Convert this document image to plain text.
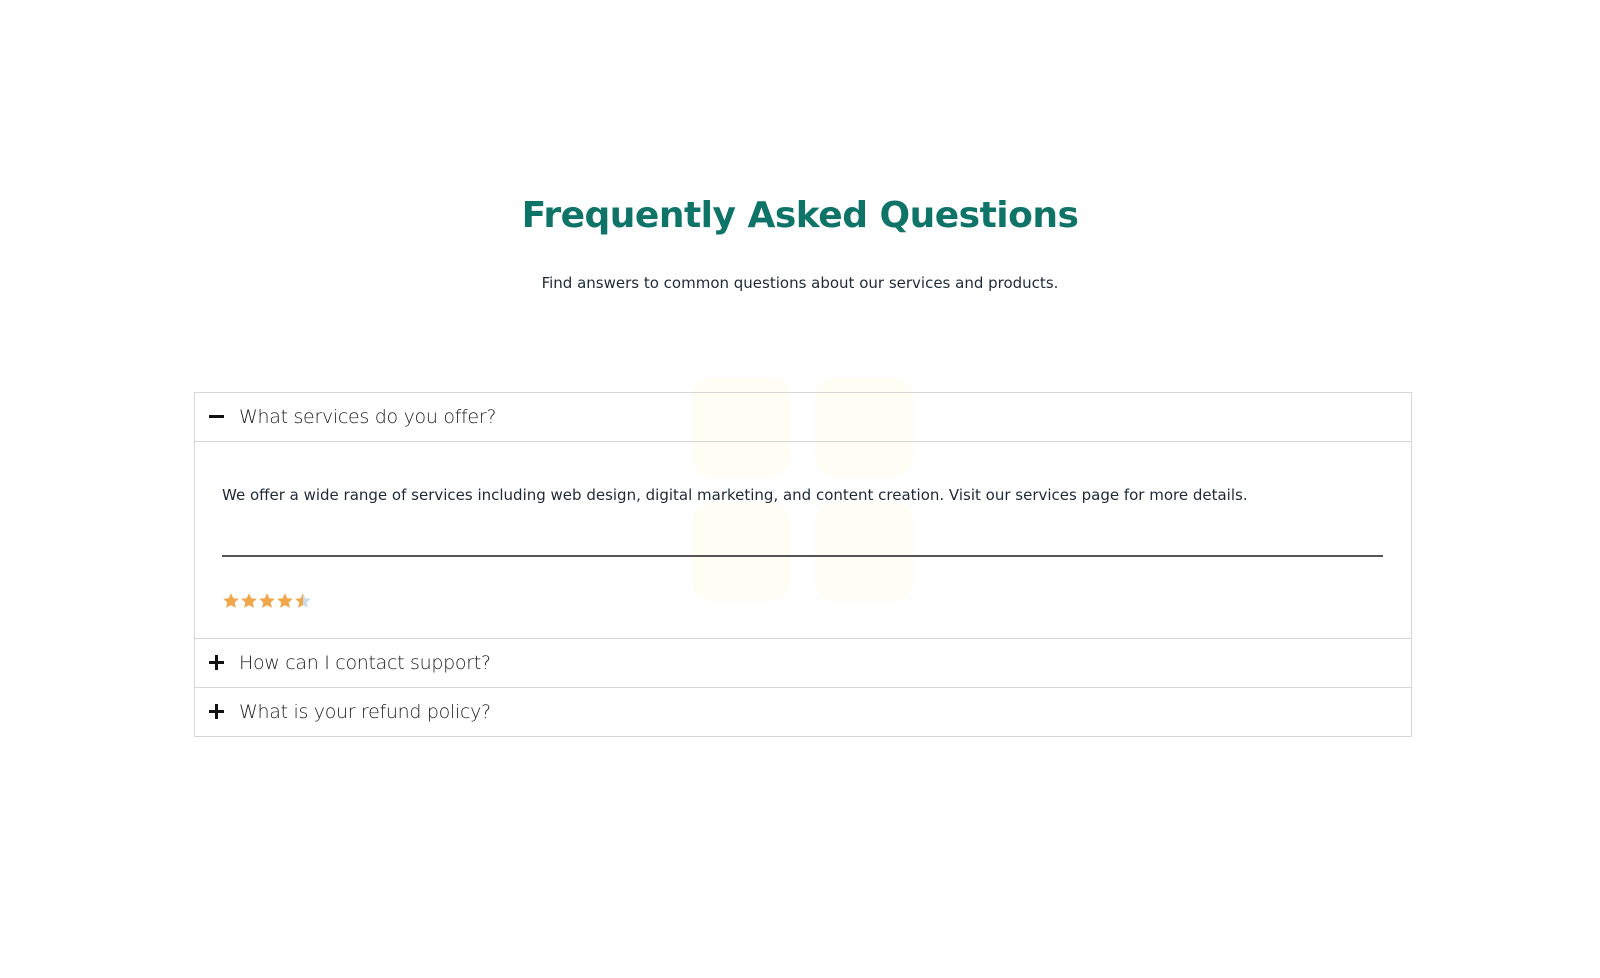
Frequently Asked Questions

Find answers to common questions about our services and products.

What services do you offer?

We offer a wide range of services including web design, digital marketing, and content creation. Visit our services page for more details.

How can I contact support?
What is your refund policy?
